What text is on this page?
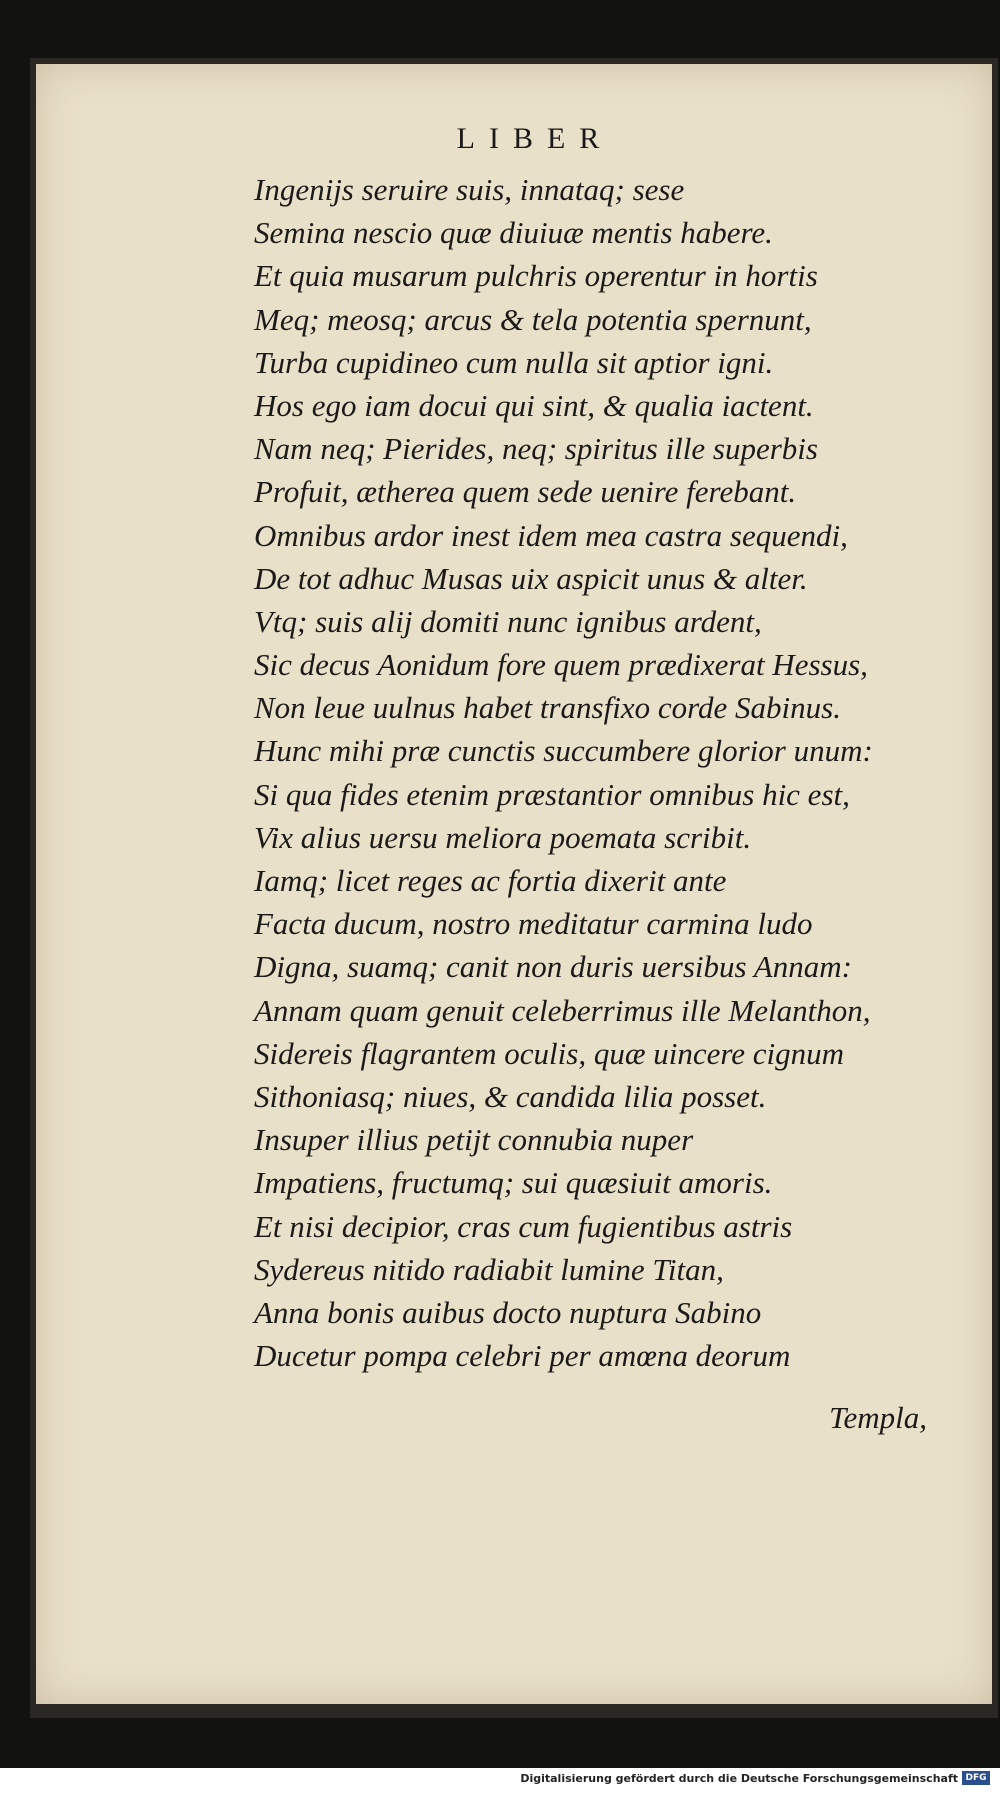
LIBER
Ingenijs seruire suis, innataq; sese
Semina nescio quæ diuiuæ mentis habere.
Et quia musarum pulchris operentur in hortis
Meq; meosq; arcus & tela potentia spernunt,
Turba cupidineo cum nulla sit aptior igni.
Hos ego iam docui qui sint, & qualia iactent.
Nam neq; Pierides, neq; spiritus ille superbis
Profuit, ætherea quem sede uenire ferebant.
Omnibus ardor inest idem mea castra sequendi,
De tot adhuc Musas uix aspicit unus & alter.
Vtq; suis alij domiti nunc ignibus ardent,
Sic decus Aonidum fore quem prædixerat Hessus,
Non leue uulnus habet transfixo corde Sabinus.
Hunc mihi præ cunctis succumbere glorior unum:
Si qua fides etenim præstantior omnibus hic est,
Vix alius uersu meliora poemata scribit.
Iamq; licet reges ac fortia dixerit ante
Facta ducum, nostro meditatur carmina ludo
Digna, suamq; canit non duris uersibus Annam:
Annam quam genuit celeberrimus ille Melanthon,
Sidereis flagrantem oculis, quæ uincere cignum
Sithoniasq; niues, & candida lilia posset.
Insuper illius petijt connubia nuper
Impatiens, fructumq; sui quæsiuit amoris.
Et nisi decipior, cras cum fugientibus astris
Sydereus nitido radiabit lumine Titan,
Anna bonis auibus docto nuptura Sabino
Ducetur pompa celebri per amœna deorum
Templa,
Digitalisierung gefördert durch die Deutsche Forschungsgemeinschaft DFG
